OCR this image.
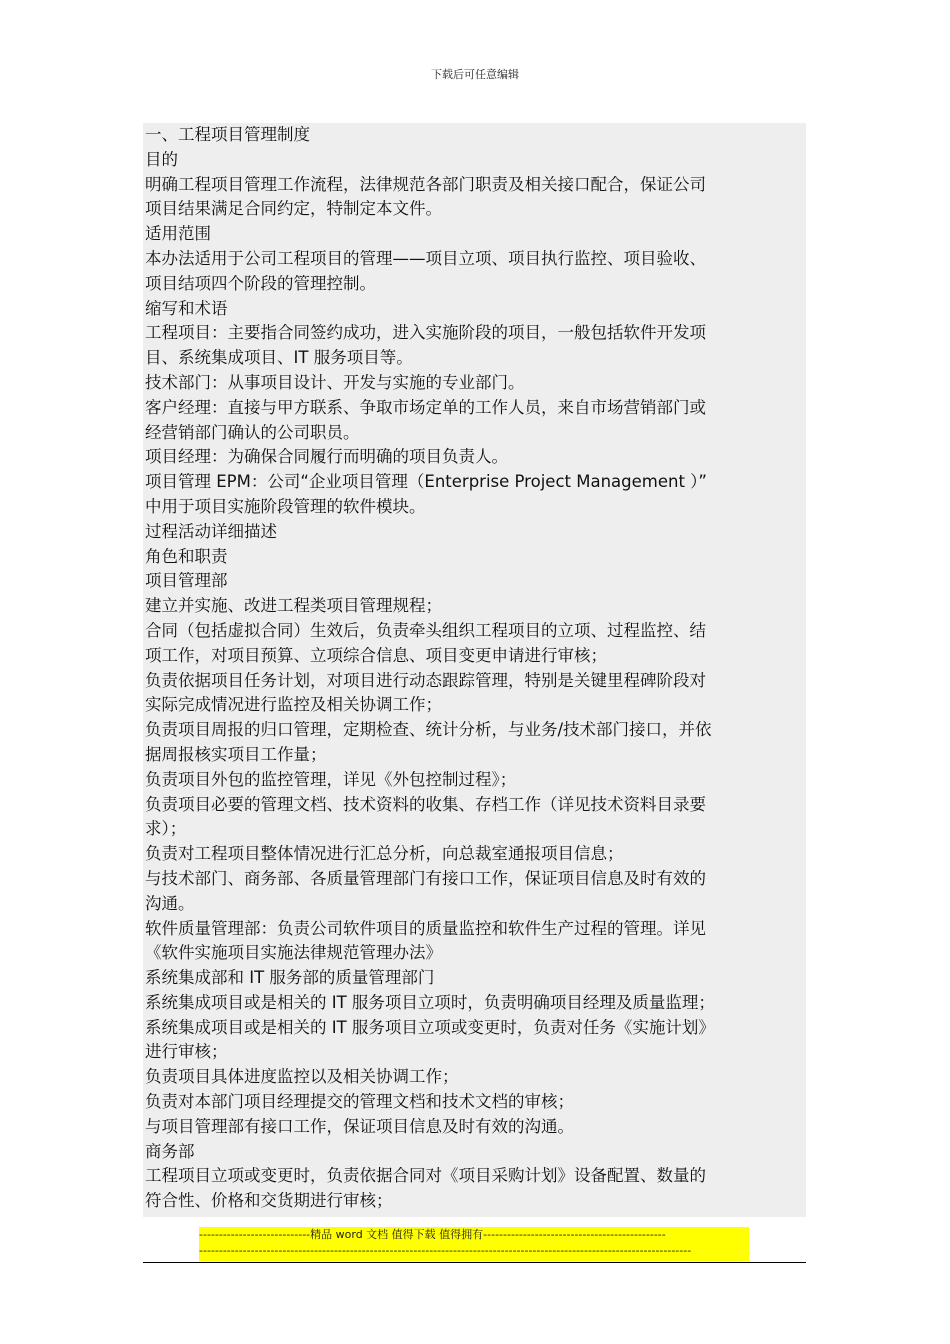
下载后可任意编辑

一、工程项目管理制度

目的

明确工程项目管理工作流程，法律规范各部门职责及相关接口配合，保证公司

项目结果满足合同约定，特制定本文件。

适用范围

本办法适用于公司工程项目的管理——项目立项、项目执行监控、项目验收、

项目结项四个阶段的管理控制。

缩写和术语

工程项目：主要指合同签约成功，进入实施阶段的项目，一般包括软件开发项

目、系统集成项目、IT 服务项目等。

技术部门：从事项目设计、开发与实施的专业部门。

客户经理：直接与甲方联系、争取市场定单的工作人员，来自市场营销部门或

经营销部门确认的公司职员。

项目经理：为确保合同履行而明确的项目负责人。

项目管理 EPM：公司“企业项目管理（Enterprise Project Management ）”

中用于项目实施阶段管理的软件模块。

过程活动详细描述

角色和职责

项目管理部

建立并实施、改进工程类项目管理规程；

合同（包括虚拟合同）生效后，负责牵头组织工程项目的立项、过程监控、结

项工作，对项目预算、立项综合信息、项目变更申请进行审核；

负责依据项目任务计划，对项目进行动态跟踪管理，特别是关键里程碑阶段对

实际完成情况进行监控及相关协调工作；

负责项目周报的归口管理，定期检查、统计分析，与业务/技术部门接口，并依

据周报核实项目工作量；

负责项目外包的监控管理，详见《外包控制过程》；

负责项目必要的管理文档、技术资料的收集、存档工作（详见技术资料目录要

求）；

负责对工程项目整体情况进行汇总分析，向总裁室通报项目信息；

与技术部门、商务部、各质量管理部门有接口工作，保证项目信息及时有效的

沟通。

软件质量管理部：负责公司软件项目的质量监控和软件生产过程的管理。详见

《软件实施项目实施法律规范管理办法》

系统集成部和 IT 服务部的质量管理部门

系统集成项目或是相关的 IT 服务项目立项时，负责明确项目经理及质量监理；

系统集成项目或是相关的 IT 服务项目立项或变更时，负责对任务《实施计划》

进行审核；

负责项目具体进度监控以及相关协调工作；

负责对本部门项目经理提交的管理文档和技术文档的审核；

与项目管理部有接口工作，保证项目信息及时有效的沟通。

商务部

工程项目立项或变更时，负责依据合同对《项目采购计划》设备配置、数量的

符合性、价格和交货期进行审核；

----------------------------精品 word 文档 值得下载 值得拥有----------------------------------------------
----------------------------------------------------------------------------------------------------------------------------
